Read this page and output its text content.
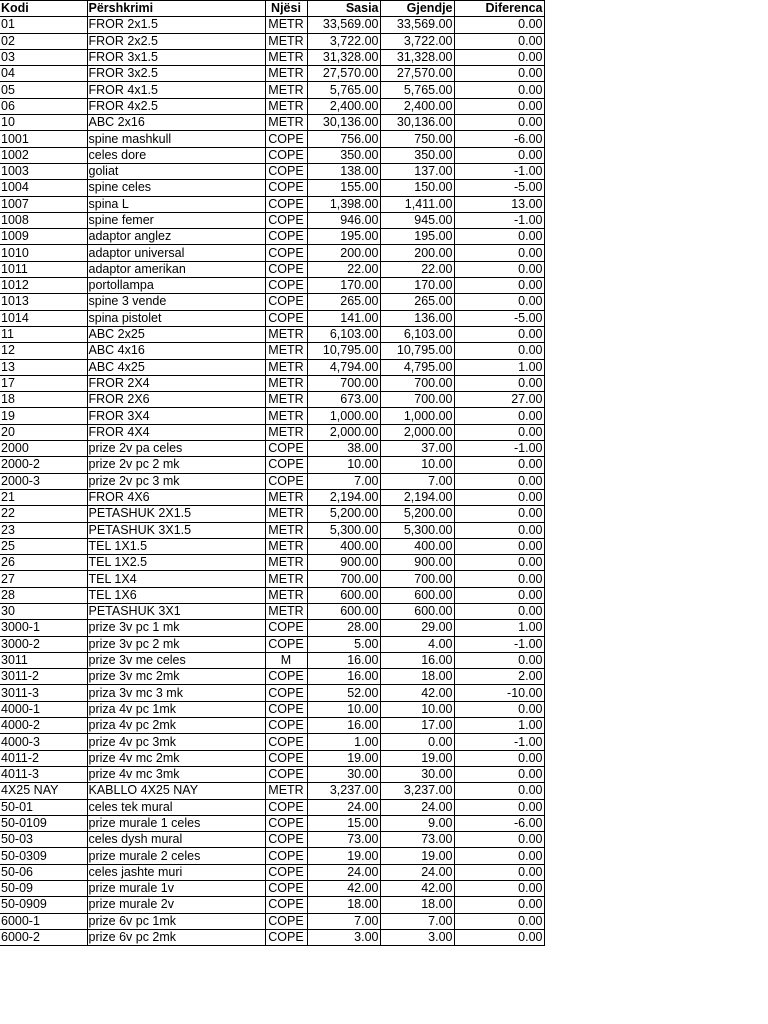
Kodi	Përshkrimi	Njësi	Sasia	Gjendje	Diferenca
01	FROR 2x1.5	METR	33,569.00	33,569.00	0.00
02	FROR 2x2.5	METR	3,722.00	3,722.00	0.00
03	FROR 3x1.5	METR	31,328.00	31,328.00	0.00
04	FROR 3x2.5	METR	27,570.00	27,570.00	0.00
05	FROR 4x1.5	METR	5,765.00	5,765.00	0.00
06	FROR 4x2.5	METR	2,400.00	2,400.00	0.00
10	ABC 2x16	METR	30,136.00	30,136.00	0.00
1001	spine mashkull	COPE	756.00	750.00	-6.00
1002	celes dore	COPE	350.00	350.00	0.00
1003	goliat	COPE	138.00	137.00	-1.00
1004	spine celes	COPE	155.00	150.00	-5.00
1007	spina L	COPE	1,398.00	1,411.00	13.00
1008	spine femer	COPE	946.00	945.00	-1.00
1009	adaptor anglez	COPE	195.00	195.00	0.00
1010	adaptor universal	COPE	200.00	200.00	0.00
1011	adaptor amerikan	COPE	22.00	22.00	0.00
1012	portollampa	COPE	170.00	170.00	0.00
1013	spine 3 vende	COPE	265.00	265.00	0.00
1014	spina pistolet	COPE	141.00	136.00	-5.00
11	ABC 2x25	METR	6,103.00	6,103.00	0.00
12	ABC 4x16	METR	10,795.00	10,795.00	0.00
13	ABC 4x25	METR	4,794.00	4,795.00	1.00
17	FROR 2X4	METR	700.00	700.00	0.00
18	FROR 2X6	METR	673.00	700.00	27.00
19	FROR 3X4	METR	1,000.00	1,000.00	0.00
20	FROR 4X4	METR	2,000.00	2,000.00	0.00
2000	prize 2v pa celes	COPE	38.00	37.00	-1.00
2000-2	prize 2v pc 2 mk	COPE	10.00	10.00	0.00
2000-3	prize 2v pc 3 mk	COPE	7.00	7.00	0.00
21	FROR 4X6	METR	2,194.00	2,194.00	0.00
22	PETASHUK 2X1.5	METR	5,200.00	5,200.00	0.00
23	PETASHUK 3X1.5	METR	5,300.00	5,300.00	0.00
25	TEL 1X1.5	METR	400.00	400.00	0.00
26	TEL 1X2.5	METR	900.00	900.00	0.00
27	TEL 1X4	METR	700.00	700.00	0.00
28	TEL 1X6	METR	600.00	600.00	0.00
30	PETASHUK 3X1	METR	600.00	600.00	0.00
3000-1	prize 3v pc 1 mk	COPE	28.00	29.00	1.00
3000-2	prize 3v pc 2 mk	COPE	5.00	4.00	-1.00
3011	prize 3v me celes	M	16.00	16.00	0.00
3011-2	prize 3v mc 2mk	COPE	16.00	18.00	2.00
3011-3	priza 3v mc 3 mk	COPE	52.00	42.00	-10.00
4000-1	priza 4v pc 1mk	COPE	10.00	10.00	0.00
4000-2	priza 4v pc 2mk	COPE	16.00	17.00	1.00
4000-3	prize 4v pc 3mk	COPE	1.00	0.00	-1.00
4011-2	prize 4v mc 2mk	COPE	19.00	19.00	0.00
4011-3	prize 4v mc 3mk	COPE	30.00	30.00	0.00
4X25 NAY	KABLLO 4X25 NAY	METR	3,237.00	3,237.00	0.00
50-01	celes tek mural	COPE	24.00	24.00	0.00
50-0109	prize murale 1 celes	COPE	15.00	9.00	-6.00
50-03	celes dysh mural	COPE	73.00	73.00	0.00
50-0309	prize murale 2 celes	COPE	19.00	19.00	0.00
50-06	celes jashte muri	COPE	24.00	24.00	0.00
50-09	prize murale 1v	COPE	42.00	42.00	0.00
50-0909	prize murale 2v	COPE	18.00	18.00	0.00
6000-1	prize 6v pc 1mk	COPE	7.00	7.00	0.00
6000-2	prize 6v pc 2mk	COPE	3.00	3.00	0.00
